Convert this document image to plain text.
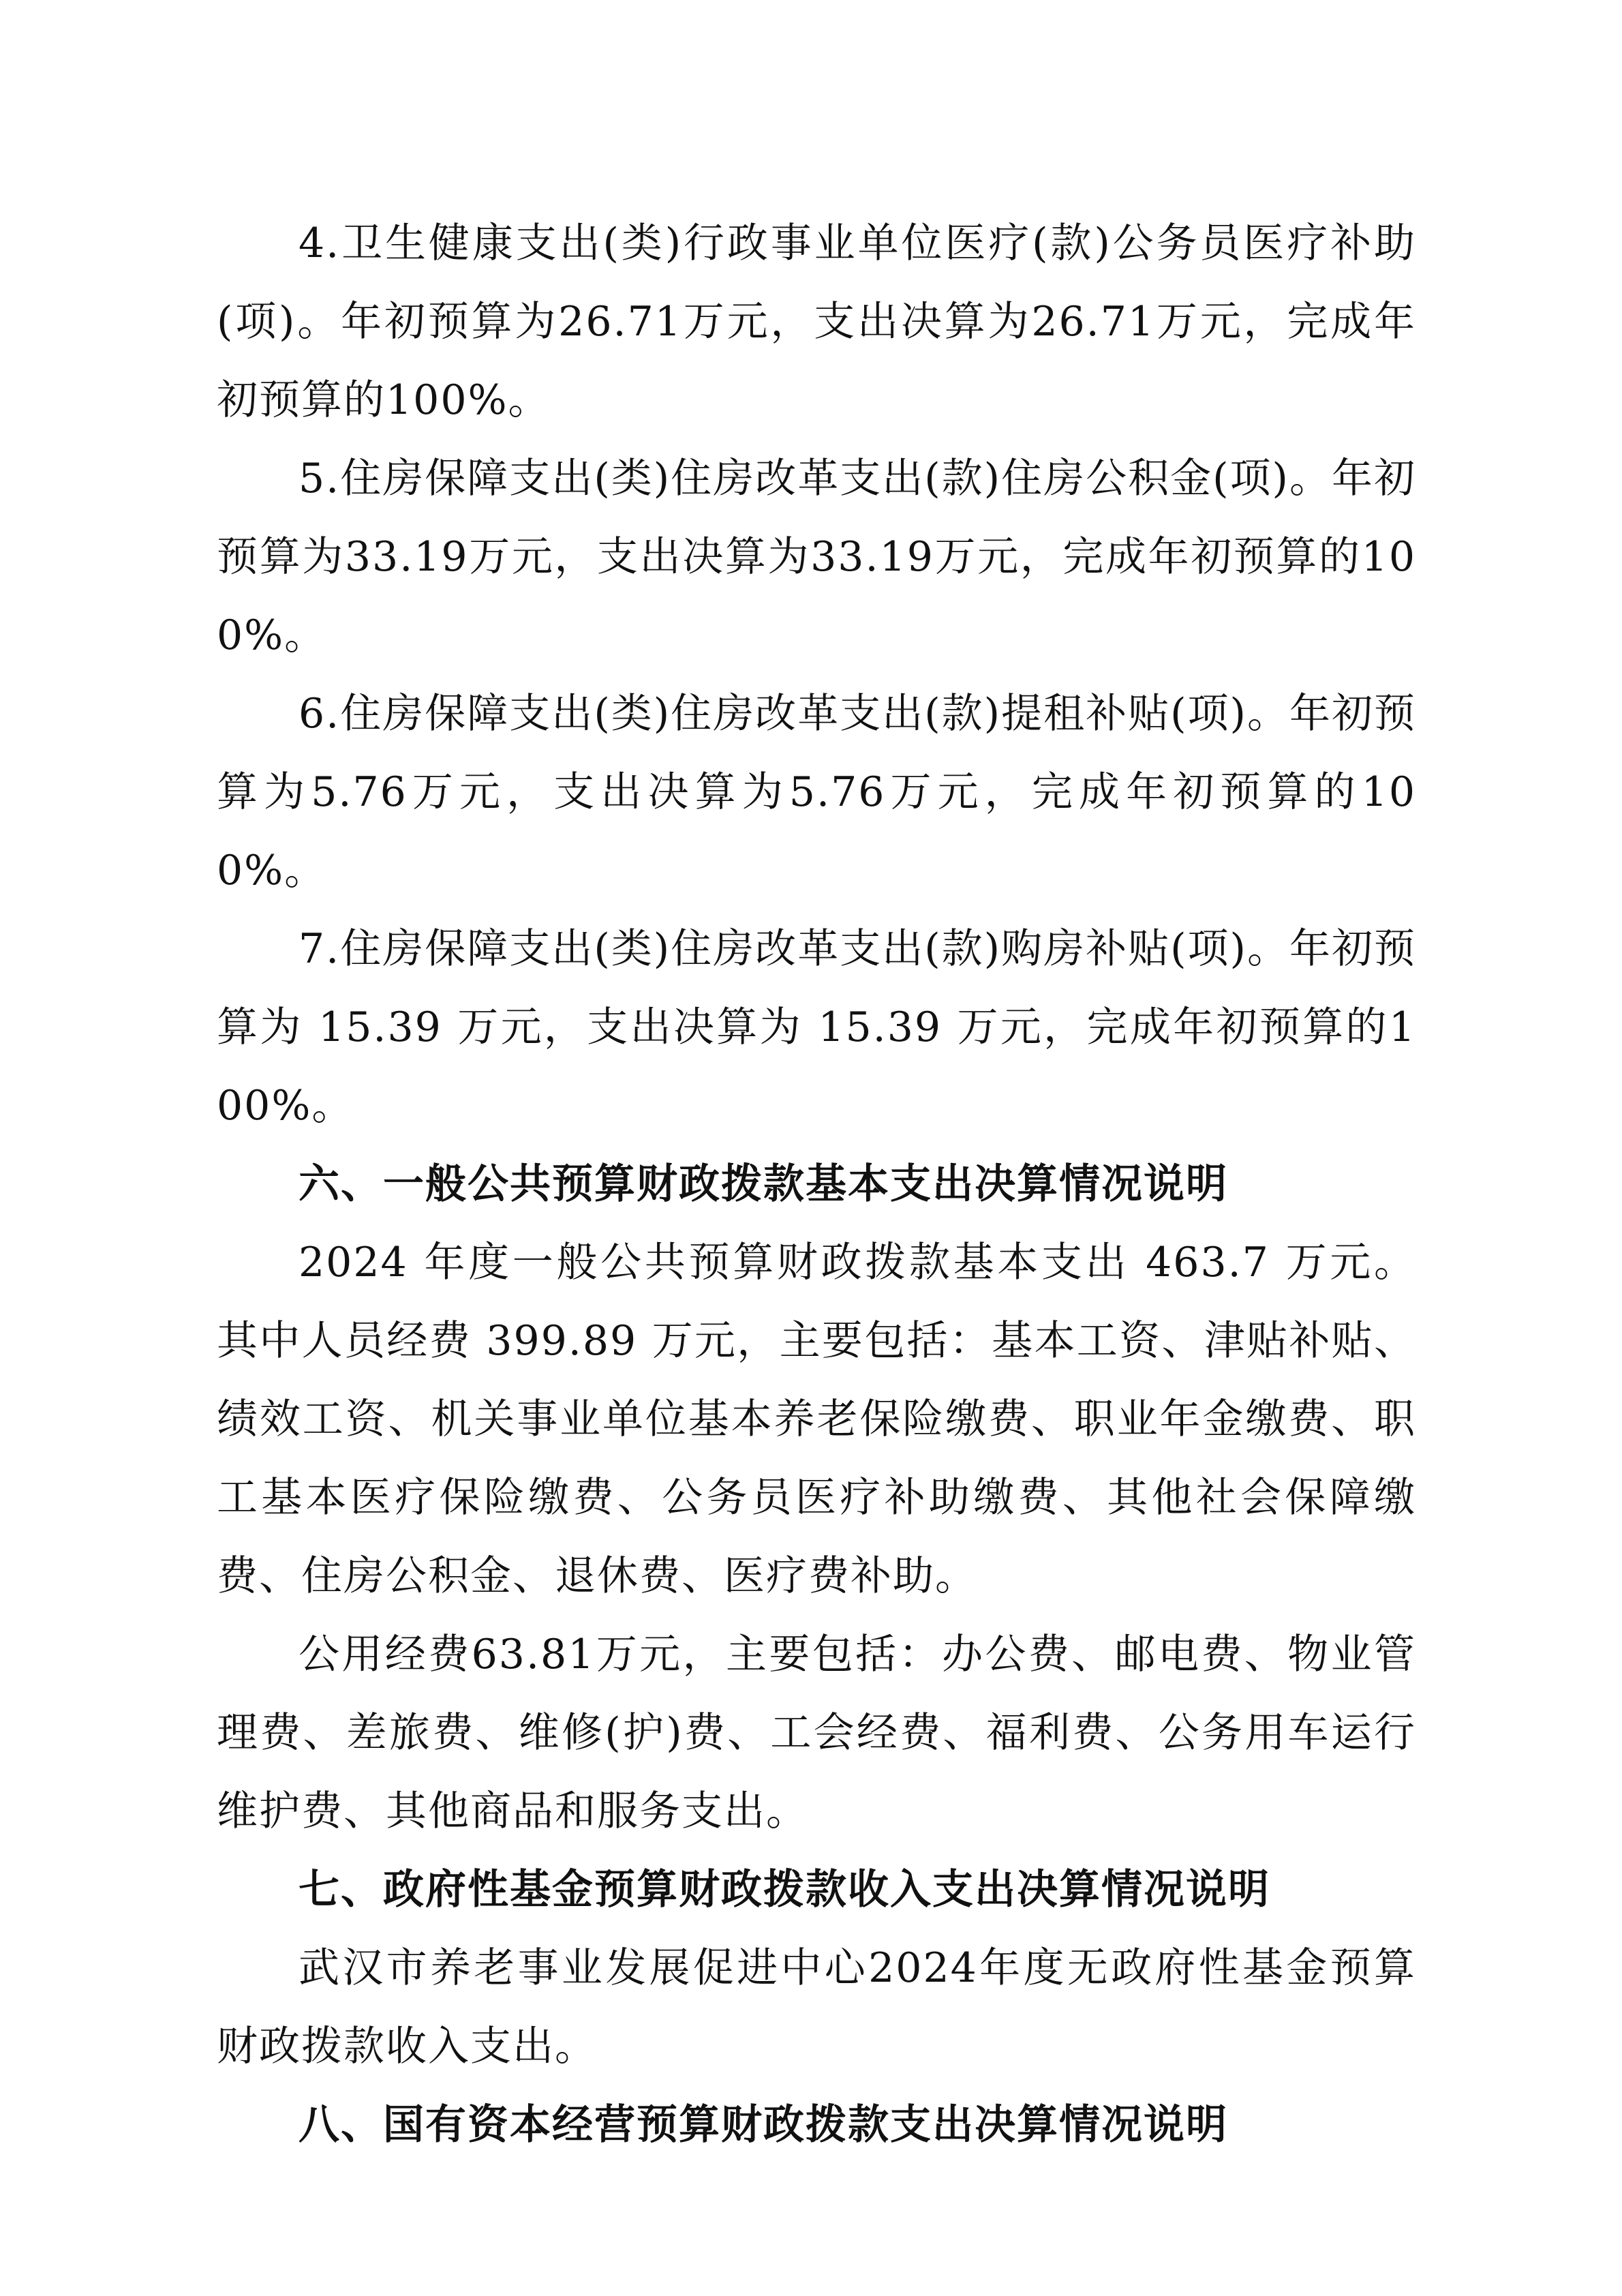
4.卫生健康支出(类)行政事业单位医疗(款)公务员医疗补助(项)。年初预算为26.71万元，支出决算为26.71万元，完成年初预算的100%。

5.住房保障支出(类)住房改革支出(款)住房公积金(项)。年初预算为33.19万元，支出决算为33.19万元，完成年初预算的100%。

6.住房保障支出(类)住房改革支出(款)提租补贴(项)。年初预算为5.76万元，支出决算为5.76万元，完成年初预算的100%。

7.住房保障支出(类)住房改革支出(款)购房补贴(项)。年初预算为 15.39 万元，支出决算为 15.39 万元，完成年初预算的100%。

六、一般公共预算财政拨款基本支出决算情况说明

2024 年度一般公共预算财政拨款基本支出 463.7 万元。其中人员经费 399.89 万元，主要包括：基本工资、津贴补贴、绩效工资、机关事业单位基本养老保险缴费、职业年金缴费、职工基本医疗保险缴费、公务员医疗补助缴费、其他社会保障缴费、住房公积金、退休费、医疗费补助。

公用经费63.81万元，主要包括：办公费、邮电费、物业管理费、差旅费、维修(护)费、工会经费、福利费、公务用车运行维护费、其他商品和服务支出。

七、政府性基金预算财政拨款收入支出决算情况说明

武汉市养老事业发展促进中心2024年度无政府性基金预算财政拨款收入支出。

八、国有资本经营预算财政拨款支出决算情况说明
